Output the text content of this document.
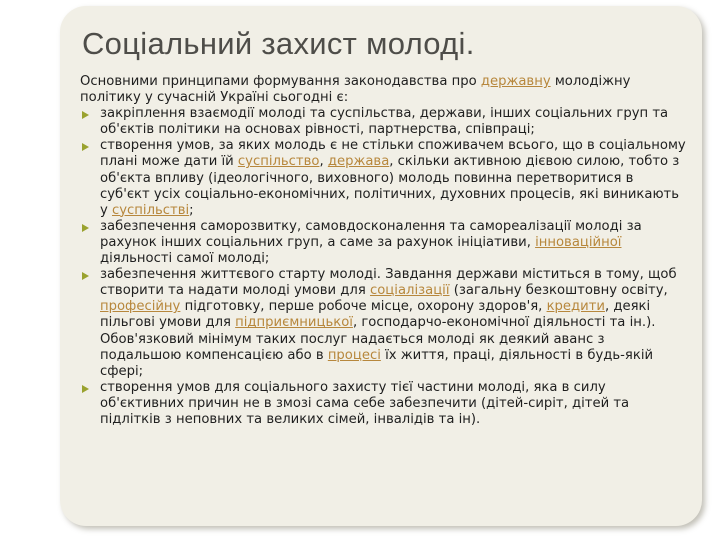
Соціальний захист молоді.

Основними принципами формування законодавства про державну молодіжну політику у сучасній Україні сьогодні є:

закріплення взаємодії молоді та суспільства, держави, інших соціальних груп та об'єктів політики на основах рівності, партнерства, співпраці;
створення умов, за яких молодь є не стільки споживачем всього, що в соціальному плані може дати їй суспільство, держава, скільки активною дієвою силою, тобто з об'єкта впливу (ідеологічного, виховного) молодь повинна перетворитися в суб'єкт усіх соціально-економічних, політичних, духовних процесів, які виникають у суспільстві;
забезпечення саморозвитку, самовдосконалення та самореалізації молоді за рахунок інших соціальних груп, а саме за рахунок ініціативи, інноваційної діяльності самої молоді;
забезпечення життєвого старту молоді. Завдання держави міститься в тому, щоб створити та надати молоді умови для соціалізації (загальну безкоштовну освіту, професійну підготовку, перше робоче місце, охорону здоров'я, кредити, деякі пільгові умови для підприємницької, господарчо-економічної діяльності та ін.). Обов'язковий мінімум таких послуг надається молоді як деякий аванс з подальшою компенсацією або в процесі їх життя, праці, діяльності в будь-якій сфері;
створення умов для соціального захисту тієї частини молоді, яка в силу об'єктивних причин не в змозі сама себе забезпечити (дітей-сиріт, дітей та підлітків з неповних та великих сімей, інвалідів та ін).
